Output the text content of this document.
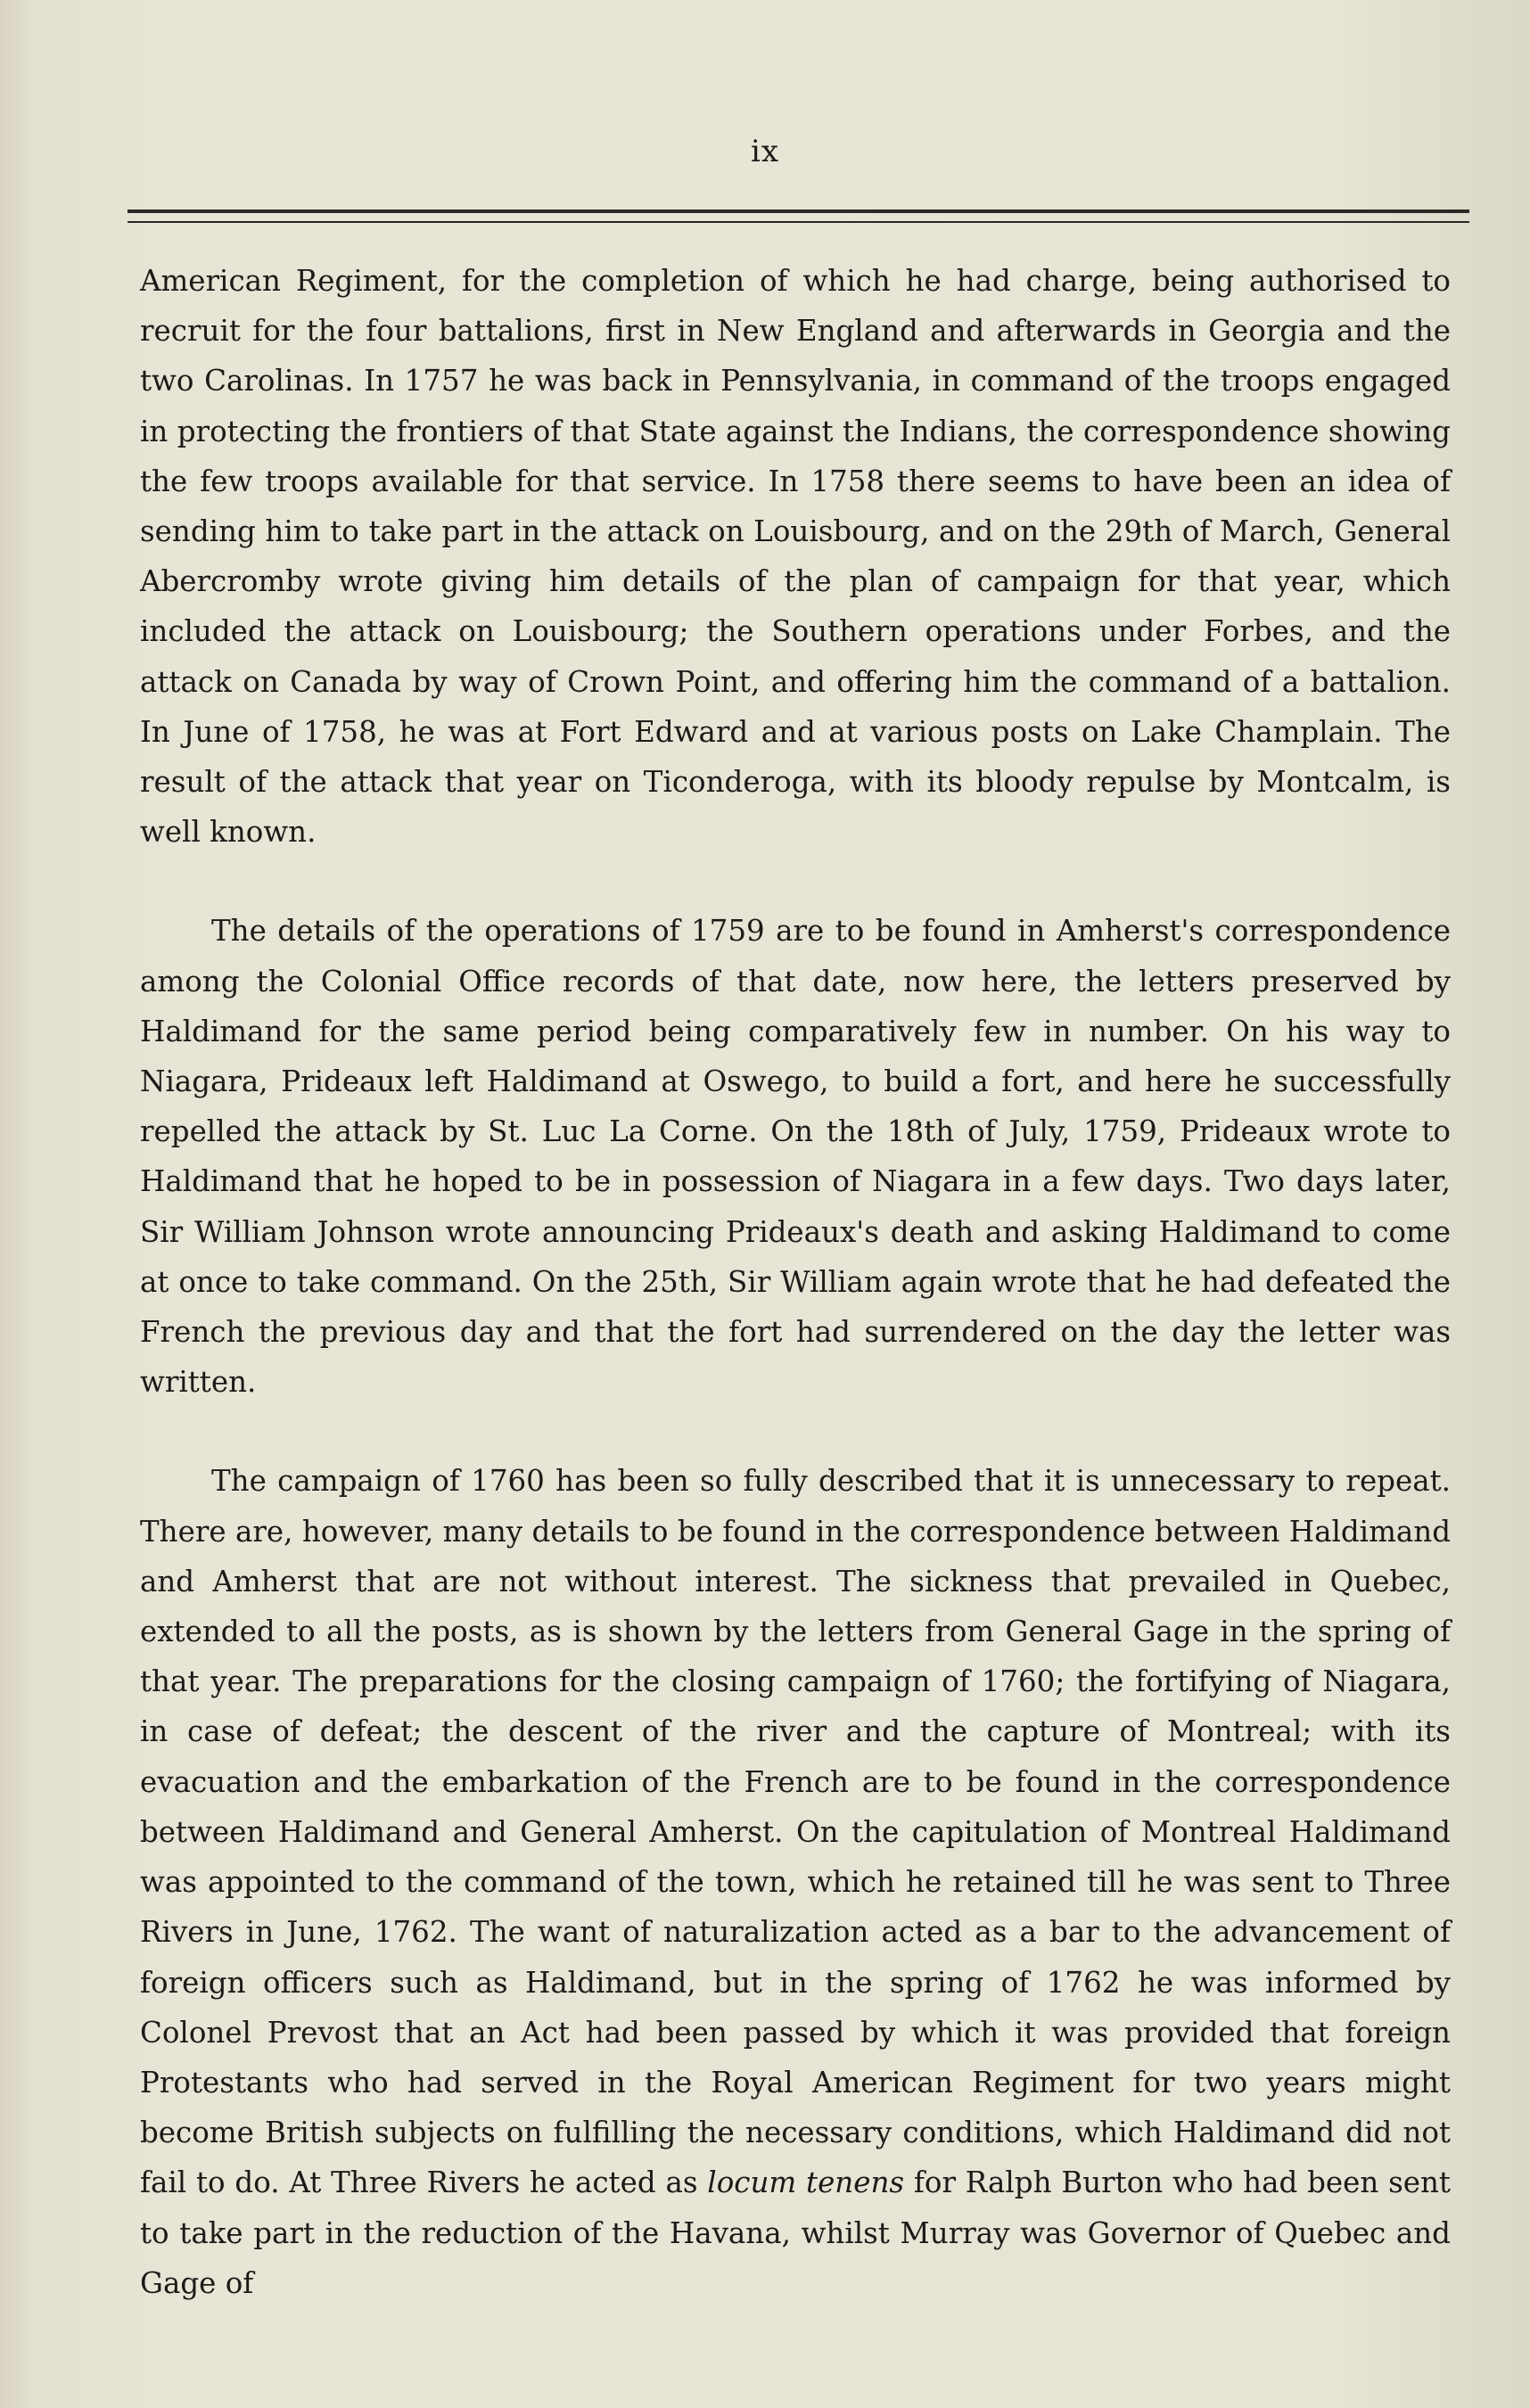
ix

American Regiment, for the completion of which he had charge, being authorised to recruit for the four battalions, first in New England and afterwards in Georgia and the two Carolinas. In 1757 he was back in Pennsylvania, in command of the troops engaged in protecting the frontiers of that State against the Indians, the correspondence showing the few troops available for that service. In 1758 there seems to have been an idea of sending him to take part in the attack on Louisbourg, and on the 29th of March, General Abercromby wrote giving him details of the plan of campaign for that year, which included the attack on Louisbourg; the Southern operations under Forbes, and the attack on Canada by way of Crown Point, and offering him the command of a battalion. In June of 1758, he was at Fort Edward and at various posts on Lake Champlain. The result of the attack that year on Ticonderoga, with its bloody repulse by Montcalm, is well known.

The details of the operations of 1759 are to be found in Amherst's correspondence among the Colonial Office records of that date, now here, the letters preserved by Haldimand for the same period being comparatively few in number. On his way to Niagara, Prideaux left Haldimand at Oswego, to build a fort, and here he successfully repelled the attack by St. Luc La Corne. On the 18th of July, 1759, Prideaux wrote to Haldimand that he hoped to be in possession of Niagara in a few days. Two days later, Sir William Johnson wrote announcing Prideaux's death and asking Haldimand to come at once to take command. On the 25th, Sir William again wrote that he had defeated the French the previous day and that the fort had surrendered on the day the letter was written.

The campaign of 1760 has been so fully described that it is unnecessary to repeat. There are, however, many details to be found in the correspondence between Haldimand and Amherst that are not without interest. The sickness that prevailed in Quebec, extended to all the posts, as is shown by the letters from General Gage in the spring of that year. The preparations for the closing campaign of 1760; the fortifying of Niagara, in case of defeat; the descent of the river and the capture of Montreal; with its evacuation and the embarkation of the French are to be found in the correspondence between Haldimand and General Amherst. On the capitulation of Montreal Haldimand was appointed to the command of the town, which he retained till he was sent to Three Rivers in June, 1762. The want of naturalization acted as a bar to the advancement of foreign officers such as Haldimand, but in the spring of 1762 he was informed by Colonel Prevost that an Act had been passed by which it was provided that foreign Protestants who had served in the Royal American Regiment for two years might become British subjects on fulfilling the necessary conditions, which Haldimand did not fail to do. At Three Rivers he acted as locum tenens for Ralph Burton who had been sent to take part in the reduction of the Havana, whilst Murray was Governor of Quebec and Gage of
